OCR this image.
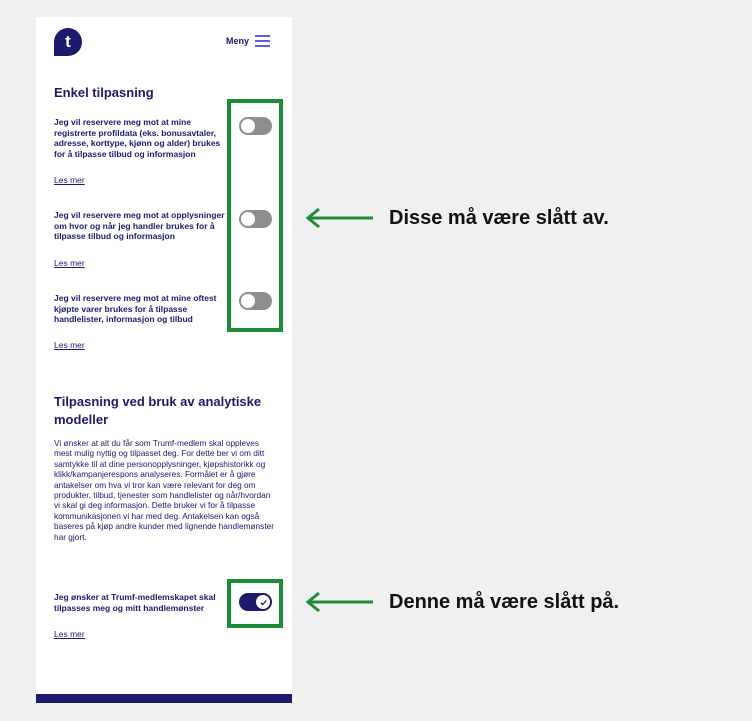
t	Meny
Enkel tilpasning
Jeg vil reservere meg mot at mine registrerte profildata (eks. bonusavtaler, adresse, korttype, kjønn og alder) brukes for å tilpasse tilbud og informasjon
Les mer
Jeg vil reservere meg mot at opplysninger om hvor og når jeg handler brukes for å tilpasse tilbud og informasjon
Les mer
Jeg vil reservere meg mot at mine oftest kjøpte varer brukes for å tilpasse handlelister, informasjon og tilbud
Les mer
Tilpasning ved bruk av analytiske modeller
Vi ønsker at alt du får som Trumf-medlem skal oppleves mest mulig nyttig og tilpasset deg. For dette ber vi om ditt samtykke til at dine personopplysninger, kjøpshistorikk og klikk/kampanjerespons analyseres. Formålet er å gjøre antakelser om hva vi tror kan være relevant for deg om produkter, tilbud, tjenester som handlelister og når/hvordan vi skal gi deg informasjon. Dette bruker vi for å tilpasse kommunikasjonen vi har med deg. Antakelsen kan også baseres på kjøp andre kunder med lignende handlemønster har gjort.
Jeg ønsker at Trumf-medlemskapet skal tilpasses meg og mitt handlemønster
Les mer
Disse må være slått av.
Denne må være slått på.
